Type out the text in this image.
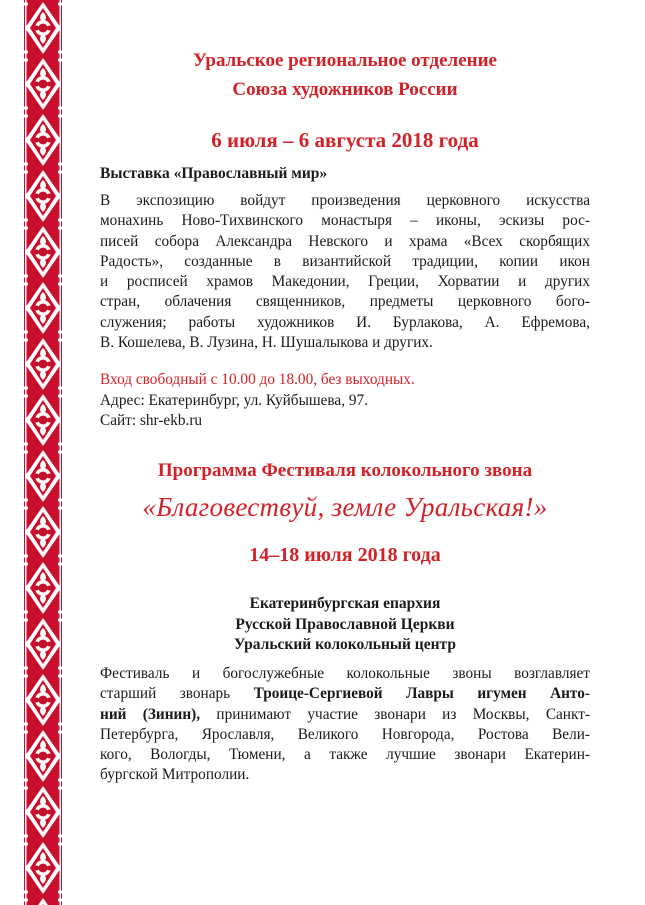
Уральское региональное отделение
Союза художников России
6 июля – 6 августа 2018 года
Выставка «Православный мир»
В экспозицию войдут произведения церковного искусства
монахинь Ново-Тихвинского монастыря – иконы, эскизы рос-
писей собора Александра Невского и храма «Всех скорбящих
Радость», созданные в византийской традиции, копии икон
и росписей храмов Македонии, Греции, Хорватии и других
стран, облачения священников, предметы церковного бого-
служения; работы художников И. Бурлакова, А. Ефремова,
В. Кошелева, В. Лузина, Н. Шушалыкова и других.
Вход свободный с 10.00 до 18.00, без выходных.
Адрес: Екатеринбург, ул. Куйбышева, 97.
Сайт: shr-ekb.ru
Программа Фестиваля колокольного звона
«Благовествуй, земле Уральская!»
14–18 июля 2018 года
Екатеринбургская епархия
Русской Православной Церкви
Уральский колокольный центр
Фестиваль и богослужебные колокольные звоны возглавляет
старший звонарь Троице-Сергиевой Лавры игумен Анто-
ний (Зинин), принимают участие звонари из Москвы, Санкт-
Петербурга, Ярославля, Великого Новгорода, Ростова Вели-
кого, Вологды, Тюмени, а также лучшие звонари Екатерин-
бургской Митрополии.
